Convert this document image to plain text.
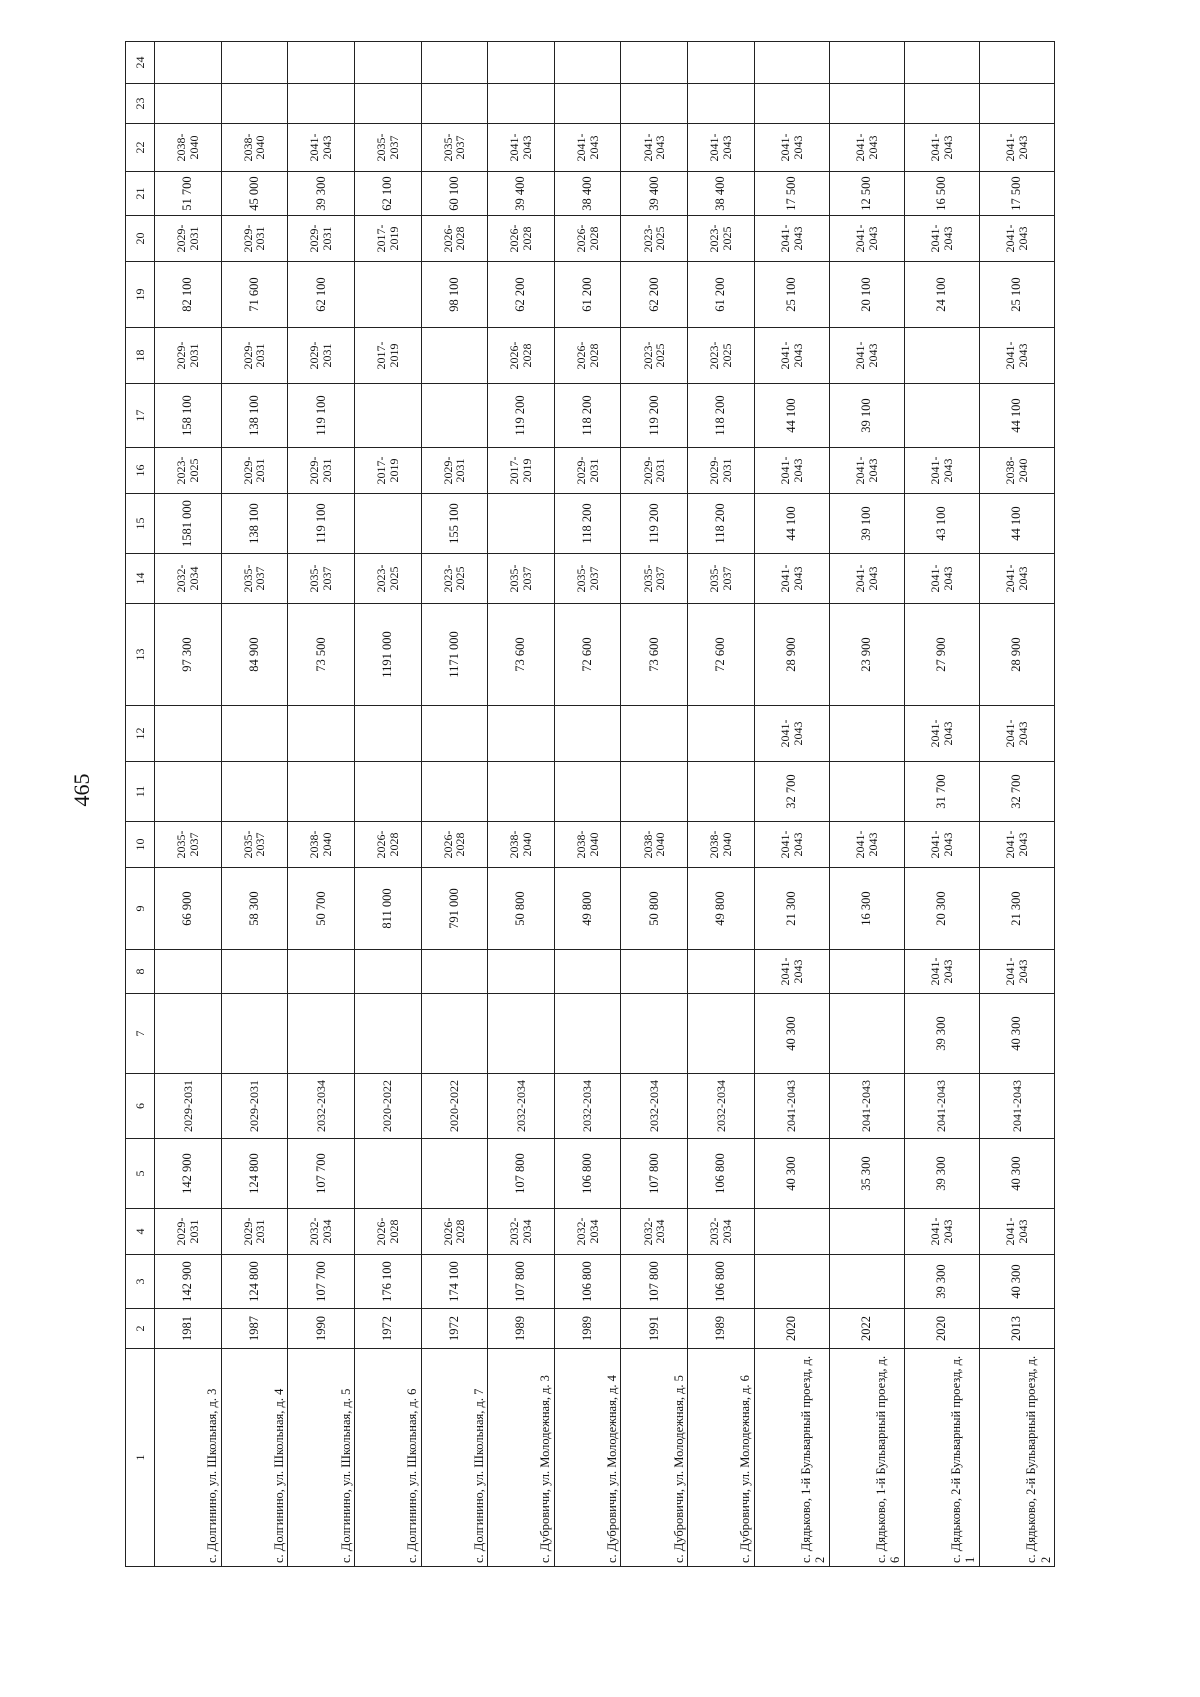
465
1	2	3	4	5	6	7	8	9	10	11	12	13	14	15	16	17	18	19	20	21	22	23	24
с. Долгинино, ул. Школьная, д. 3	1981	142 900	2029-2031	142 900	2029-2031			66 900	2035-2037			97 300	2032-2034	1581 000	2023-2025	158 100	2029-2031	82 100	2029-2031	51 700	2038-2040		
с. Долгинино, ул. Школьная, д. 4	1987	124 800	2029-2031	124 800	2029-2031			58 300	2035-2037			84 900	2035-2037	138 100	2029-2031	138 100	2029-2031	71 600	2029-2031	45 000	2038-2040		
с. Долгинино, ул. Школьная, д. 5	1990	107 700	2032-2034	107 700	2032-2034			50 700	2038-2040			73 500	2035-2037	119 100	2029-2031	119 100	2029-2031	62 100	2029-2031	39 300	2041-2043		
с. Долгинино, ул. Школьная, д. 6	1972	176 100	2026-2028		2020-2022			811 000	2026-2028			1191 000	2023-2025		2017-2019		2017-2019		2017-2019	62 100	2035-2037		
с. Долгинино, ул. Школьная, д. 7	1972	174 100	2026-2028		2020-2022			791 000	2026-2028			1171 000	2023-2025	155 100	2029-2031			98 100	2026-2028	60 100	2035-2037		
с. Дубровичи, ул. Молодежная, д. 3	1989	107 800	2032-2034	107 800	2032-2034			50 800	2038-2040			73 600	2035-2037		2017-2019	119 200	2026-2028	62 200	2026-2028	39 400	2041-2043		
с. Дубровичи, ул. Молодежная, д. 4	1989	106 800	2032-2034	106 800	2032-2034			49 800	2038-2040			72 600	2035-2037	118 200	2029-2031	118 200	2026-2028	61 200	2026-2028	38 400	2041-2043		
с. Дубровичи, ул. Молодежная, д. 5	1991	107 800	2032-2034	107 800	2032-2034			50 800	2038-2040			73 600	2035-2037	119 200	2029-2031	119 200	2023-2025	62 200	2023-2025	39 400	2041-2043		
с. Дубровичи, ул. Молодежная, д. 6	1989	106 800	2032-2034	106 800	2032-2034			49 800	2038-2040			72 600	2035-2037	118 200	2029-2031	118 200	2023-2025	61 200	2023-2025	38 400	2041-2043		
с. Дядьково, 1-й Бульварный проезд, д. 2	2020			40 300	2041-2043	40 300	2041-2043	21 300	2041-2043	32 700	2041-2043	28 900	2041-2043	44 100	2041-2043	44 100	2041-2043	25 100	2041-2043	17 500	2041-2043		
с. Дядьково, 1-й Бульварный проезд, д. 6	2022			35 300	2041-2043			16 300	2041-2043			23 900	2041-2043	39 100	2041-2043	39 100	2041-2043	20 100	2041-2043	12 500	2041-2043		
с. Дядьково, 2-й Бульварный проезд, д. 1	2020	39 300	2041-2043	39 300	2041-2043	39 300	2041-2043	20 300	2041-2043	31 700	2041-2043	27 900	2041-2043	43 100	2041-2043			24 100	2041-2043	16 500	2041-2043		
с. Дядьково, 2-й Бульварный проезд, д. 2	2013	40 300	2041-2043	40 300	2041-2043	40 300	2041-2043	21 300	2041-2043	32 700	2041-2043	28 900	2041-2043	44 100	2038-2040	44 100	2041-2043	25 100	2041-2043	17 500	2041-2043		
